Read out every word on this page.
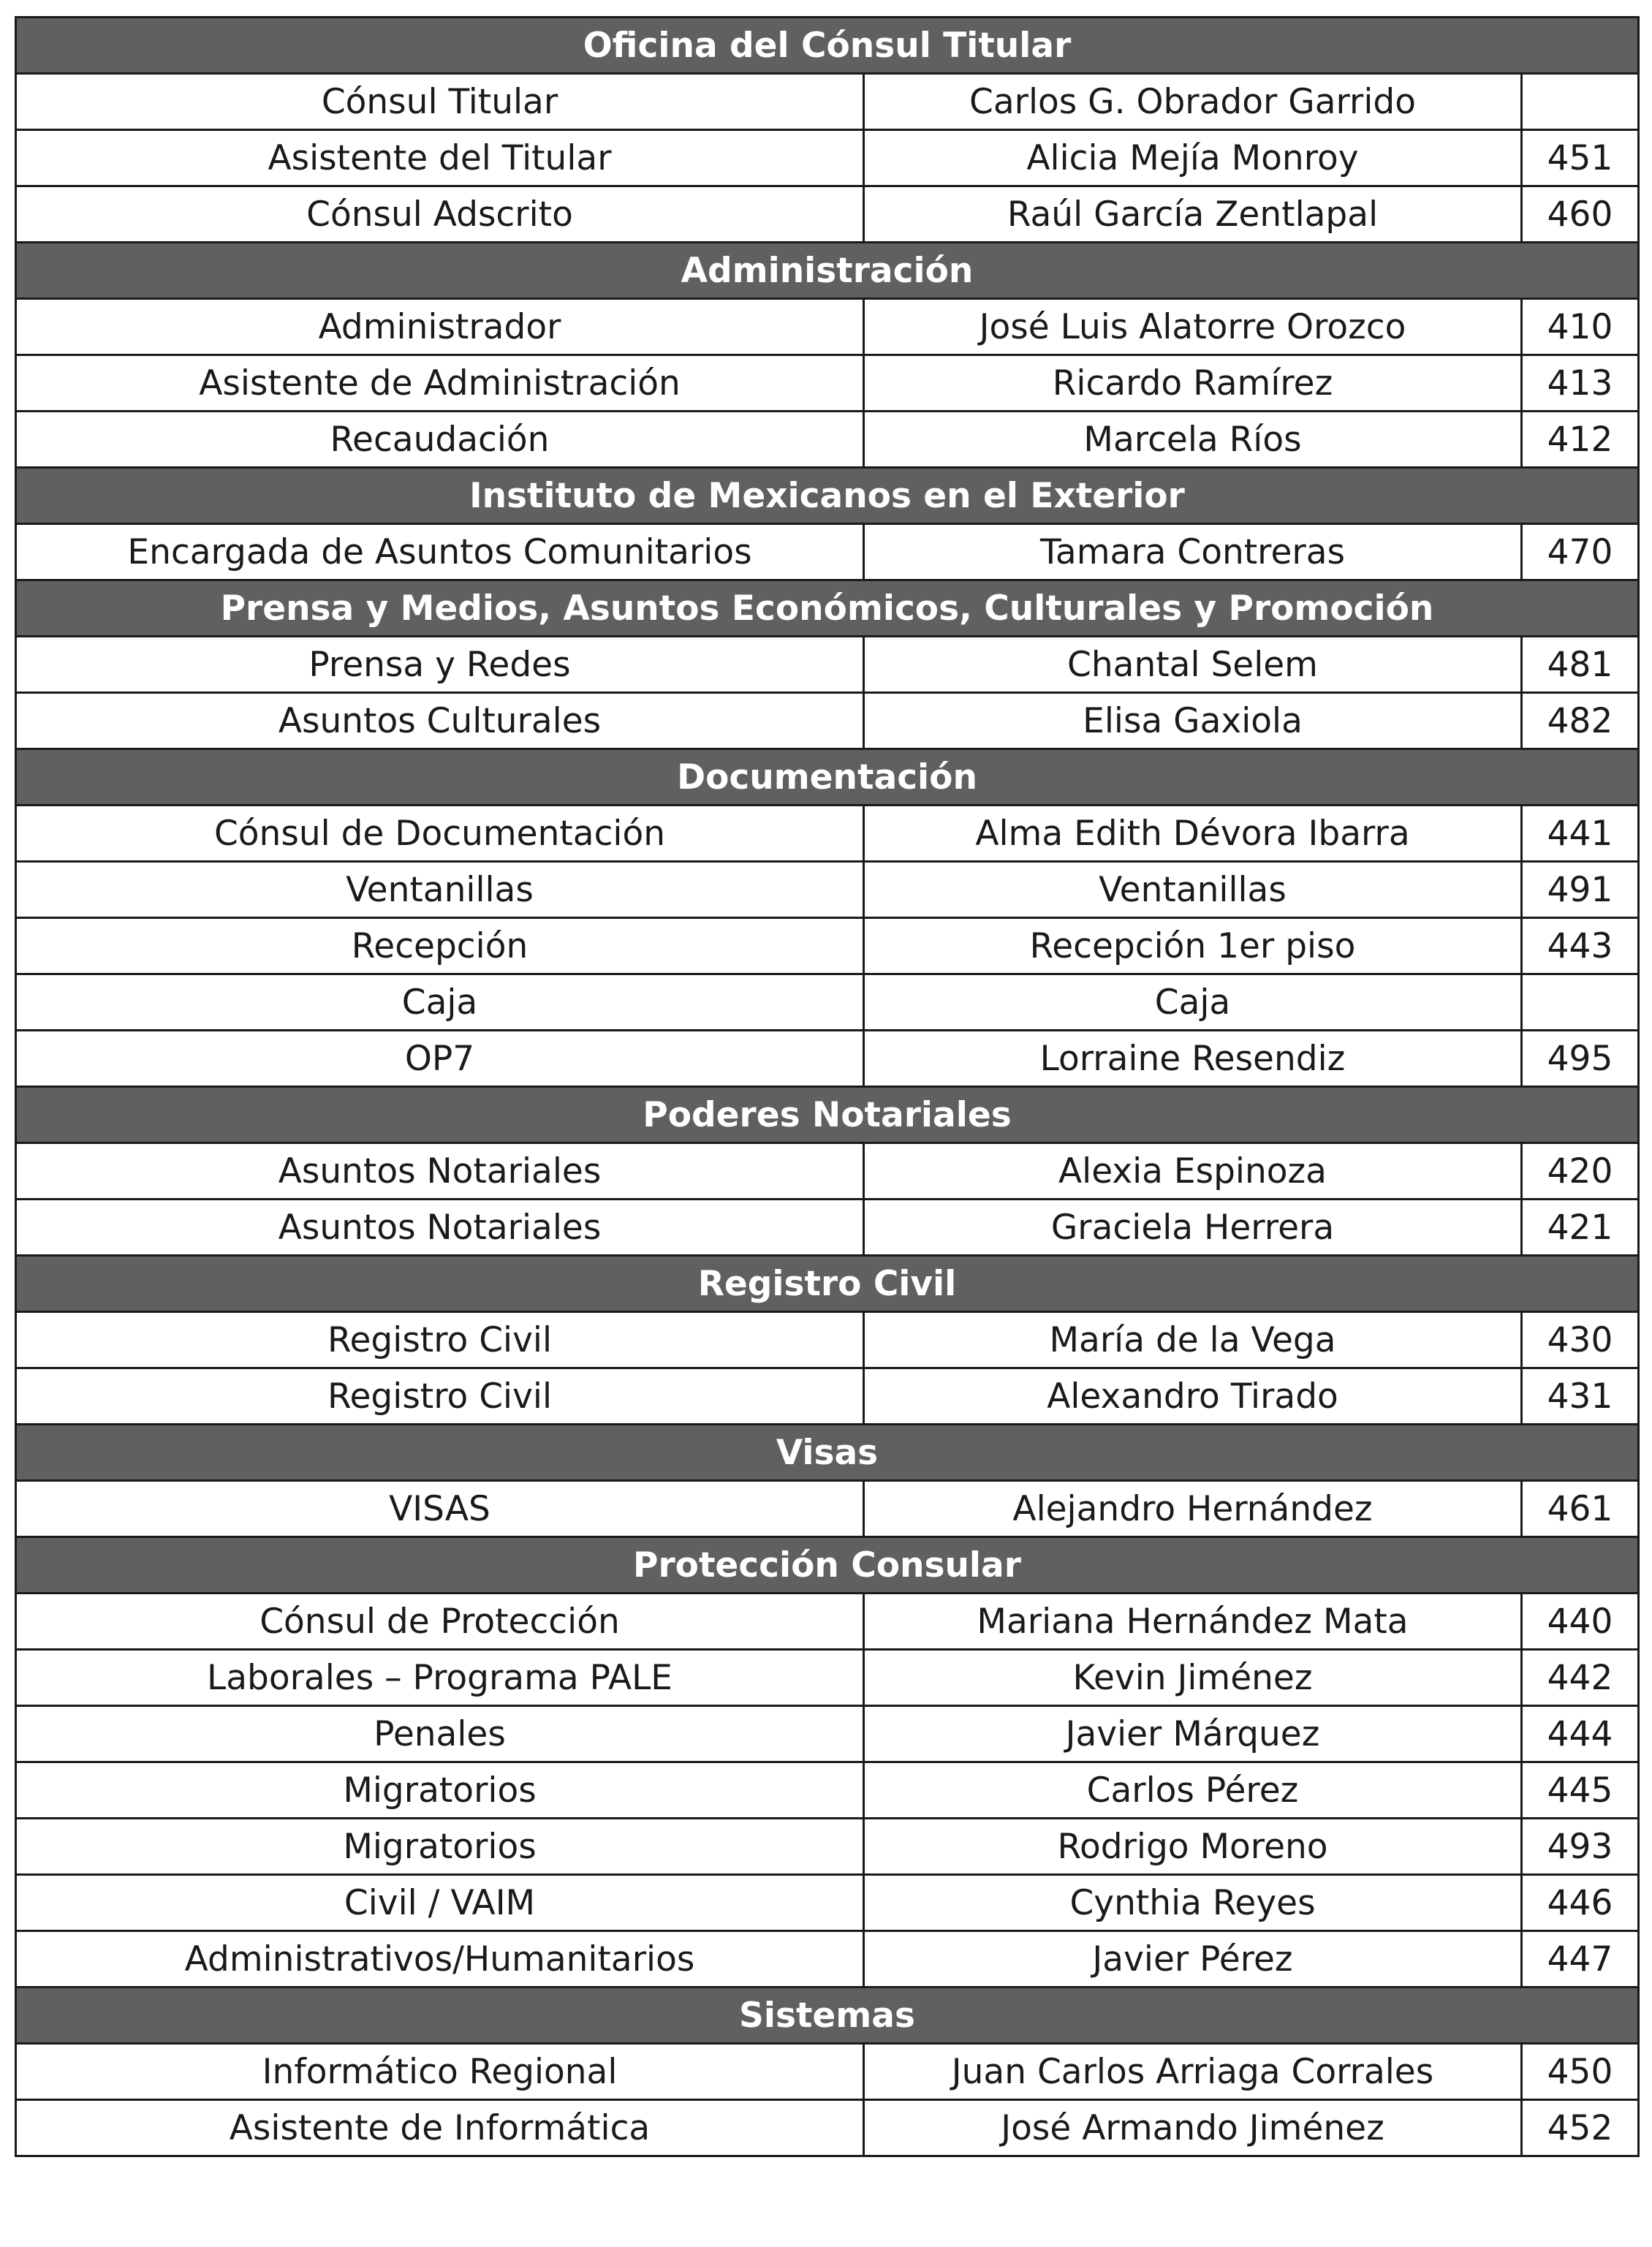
Oficina del Cónsul Titular		
Cónsul Titular	Carlos G. Obrador Garrido	
Asistente del Titular	Alicia Mejía Monroy	451
Cónsul Adscrito	Raúl García Zentlapal	460
Administración		
Administrador	José Luis Alatorre Orozco	410
Asistente de Administración	Ricardo Ramírez	413
Recaudación	Marcela Ríos	412
Instituto de Mexicanos en el Exterior		
Encargada de Asuntos Comunitarios	Tamara Contreras	470
Prensa y Medios, Asuntos Económicos, Culturales y Promoción		
Prensa y Redes	Chantal Selem	481
Asuntos Culturales	Elisa Gaxiola	482
Documentación		
Cónsul de Documentación	Alma Edith Dévora Ibarra	441
Ventanillas	Ventanillas	491
Recepción	Recepción 1er piso	443
Caja	Caja	
OP7	Lorraine Resendiz	495
Poderes Notariales		
Asuntos Notariales	Alexia Espinoza	420
Asuntos Notariales	Graciela Herrera	421
Registro Civil		
Registro Civil	María de la Vega	430
Registro Civil	Alexandro Tirado	431
Visas		
VISAS	Alejandro Hernández	461
Protección Consular		
Cónsul de Protección	Mariana Hernández Mata	440
Laborales – Programa PALE	Kevin Jiménez	442
Penales	Javier Márquez	444
Migratorios	Carlos Pérez	445
Migratorios	Rodrigo Moreno	493
Civil / VAIM	Cynthia Reyes	446
Administrativos/Humanitarios	Javier Pérez	447
Sistemas		
Informático Regional	Juan Carlos Arriaga Corrales	450
Asistente de Informática	José Armando Jiménez	452
